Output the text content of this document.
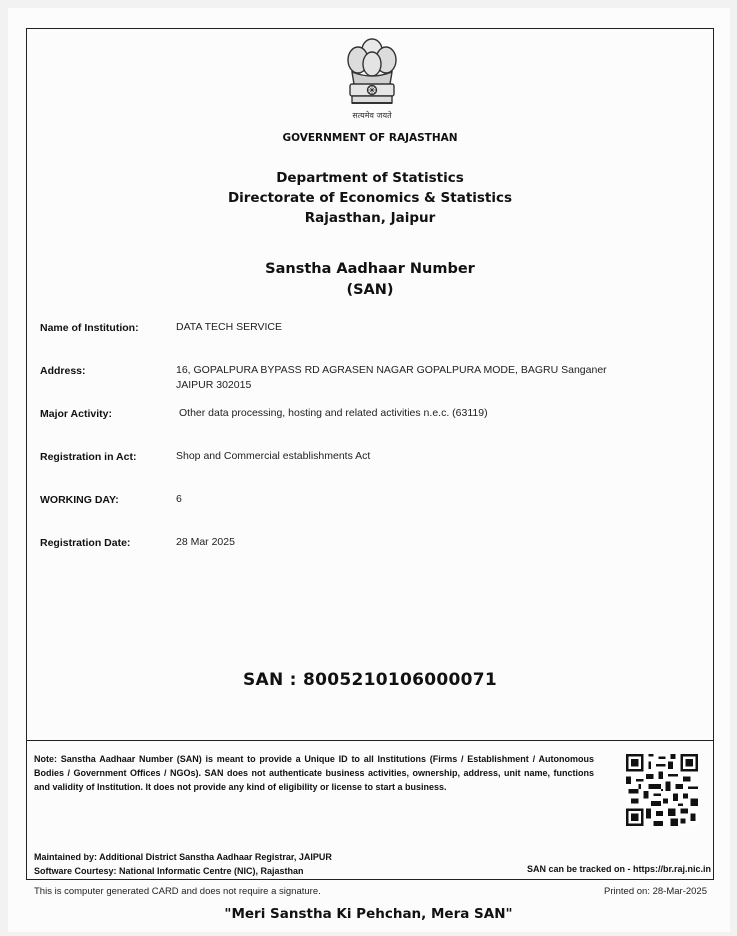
सत्यमेव जयते
GOVERNMENT OF RAJASTHAN
Department of Statistics
Directorate of Economics & Statistics
Rajasthan, Jaipur
Sanstha Aadhaar Number
(SAN)
Name of Institution:	DATA TECH SERVICE
Address:	16, GOPALPURA BYPASS RD AGRASEN NAGAR GOPALPURA MODE, BAGRU Sanganer JAIPUR 302015
Major Activity:	Other data processing, hosting and related activities n.e.c. (63119)
Registration in Act:	Shop and Commercial establishments Act
WORKING DAY:	6
Registration Date:	28 Mar 2025
SAN : 8005210106000071
Note: Sanstha Aadhaar Number (SAN) is meant to provide a Unique ID to all Institutions (Firms / Establishment / Autonomous Bodies / Government Offices / NGOs). SAN does not authenticate business activities, ownership, address, unit name, functions and validity of Institution. It does not provide any kind of eligibility or license to start a business.
Maintained by: Additional District Sanstha Aadhaar Registrar, JAIPUR
Software Courtesy: National Informatic Centre (NIC), Rajasthan	SAN can be tracked on - https://br.raj.nic.in
This is computer generated CARD and does not require a signature.	Printed on: 28-Mar-2025
"Meri Sanstha Ki Pehchan, Mera SAN"
